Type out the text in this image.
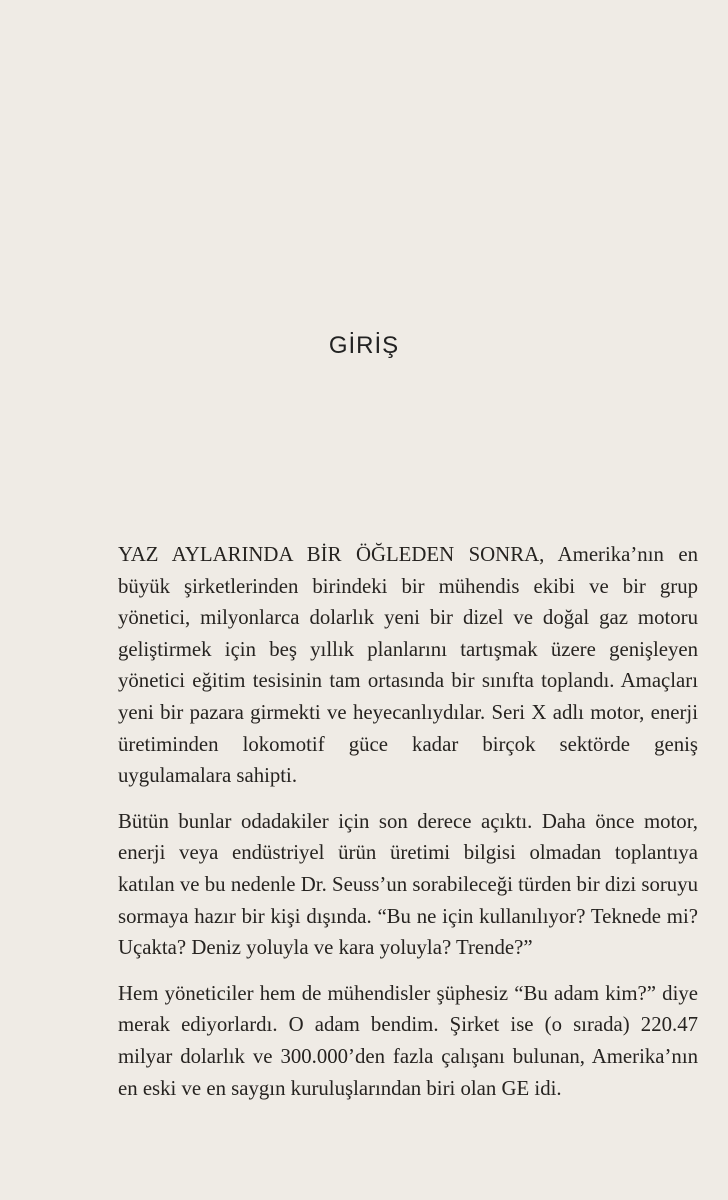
GİRİŞ

YAZ AYLARINDA BİR ÖĞLEDEN SONRA, Amerika’nın en büyük şirketlerinden birindeki bir mühendis ekibi ve bir grup yönetici, milyonlarca dolarlık yeni bir dizel ve doğal gaz motoru geliştirmek için beş yıllık planlarını tartışmak üzere genişleyen yönetici eğitim tesisinin tam ortasında bir sınıfta toplandı. Amaçları yeni bir pazara girmekti ve heyecanlıydılar. Seri X adlı motor, enerji üretiminden lokomotif güce kadar birçok sektörde geniş uygulamalara sahipti.

Bütün bunlar odadakiler için son derece açıktı. Daha önce motor, enerji veya endüstriyel ürün üretimi bilgisi olmadan toplantıya katılan ve bu nedenle Dr. Seuss’un sorabileceği türden bir dizi soruyu sormaya hazır bir kişi dışında. “Bu ne için kullanılıyor? Teknede mi? Uçakta? Deniz yoluyla ve kara yoluyla? Trende?”

Hem yöneticiler hem de mühendisler şüphesiz “Bu adam kim?” diye merak ediyorlardı. O adam bendim. Şirket ise (o sırada) 220.47 milyar dolarlık ve 300.000’den fazla çalışanı bulunan, Amerika’nın en eski ve en saygın kuruluşlarından biri olan GE idi.
